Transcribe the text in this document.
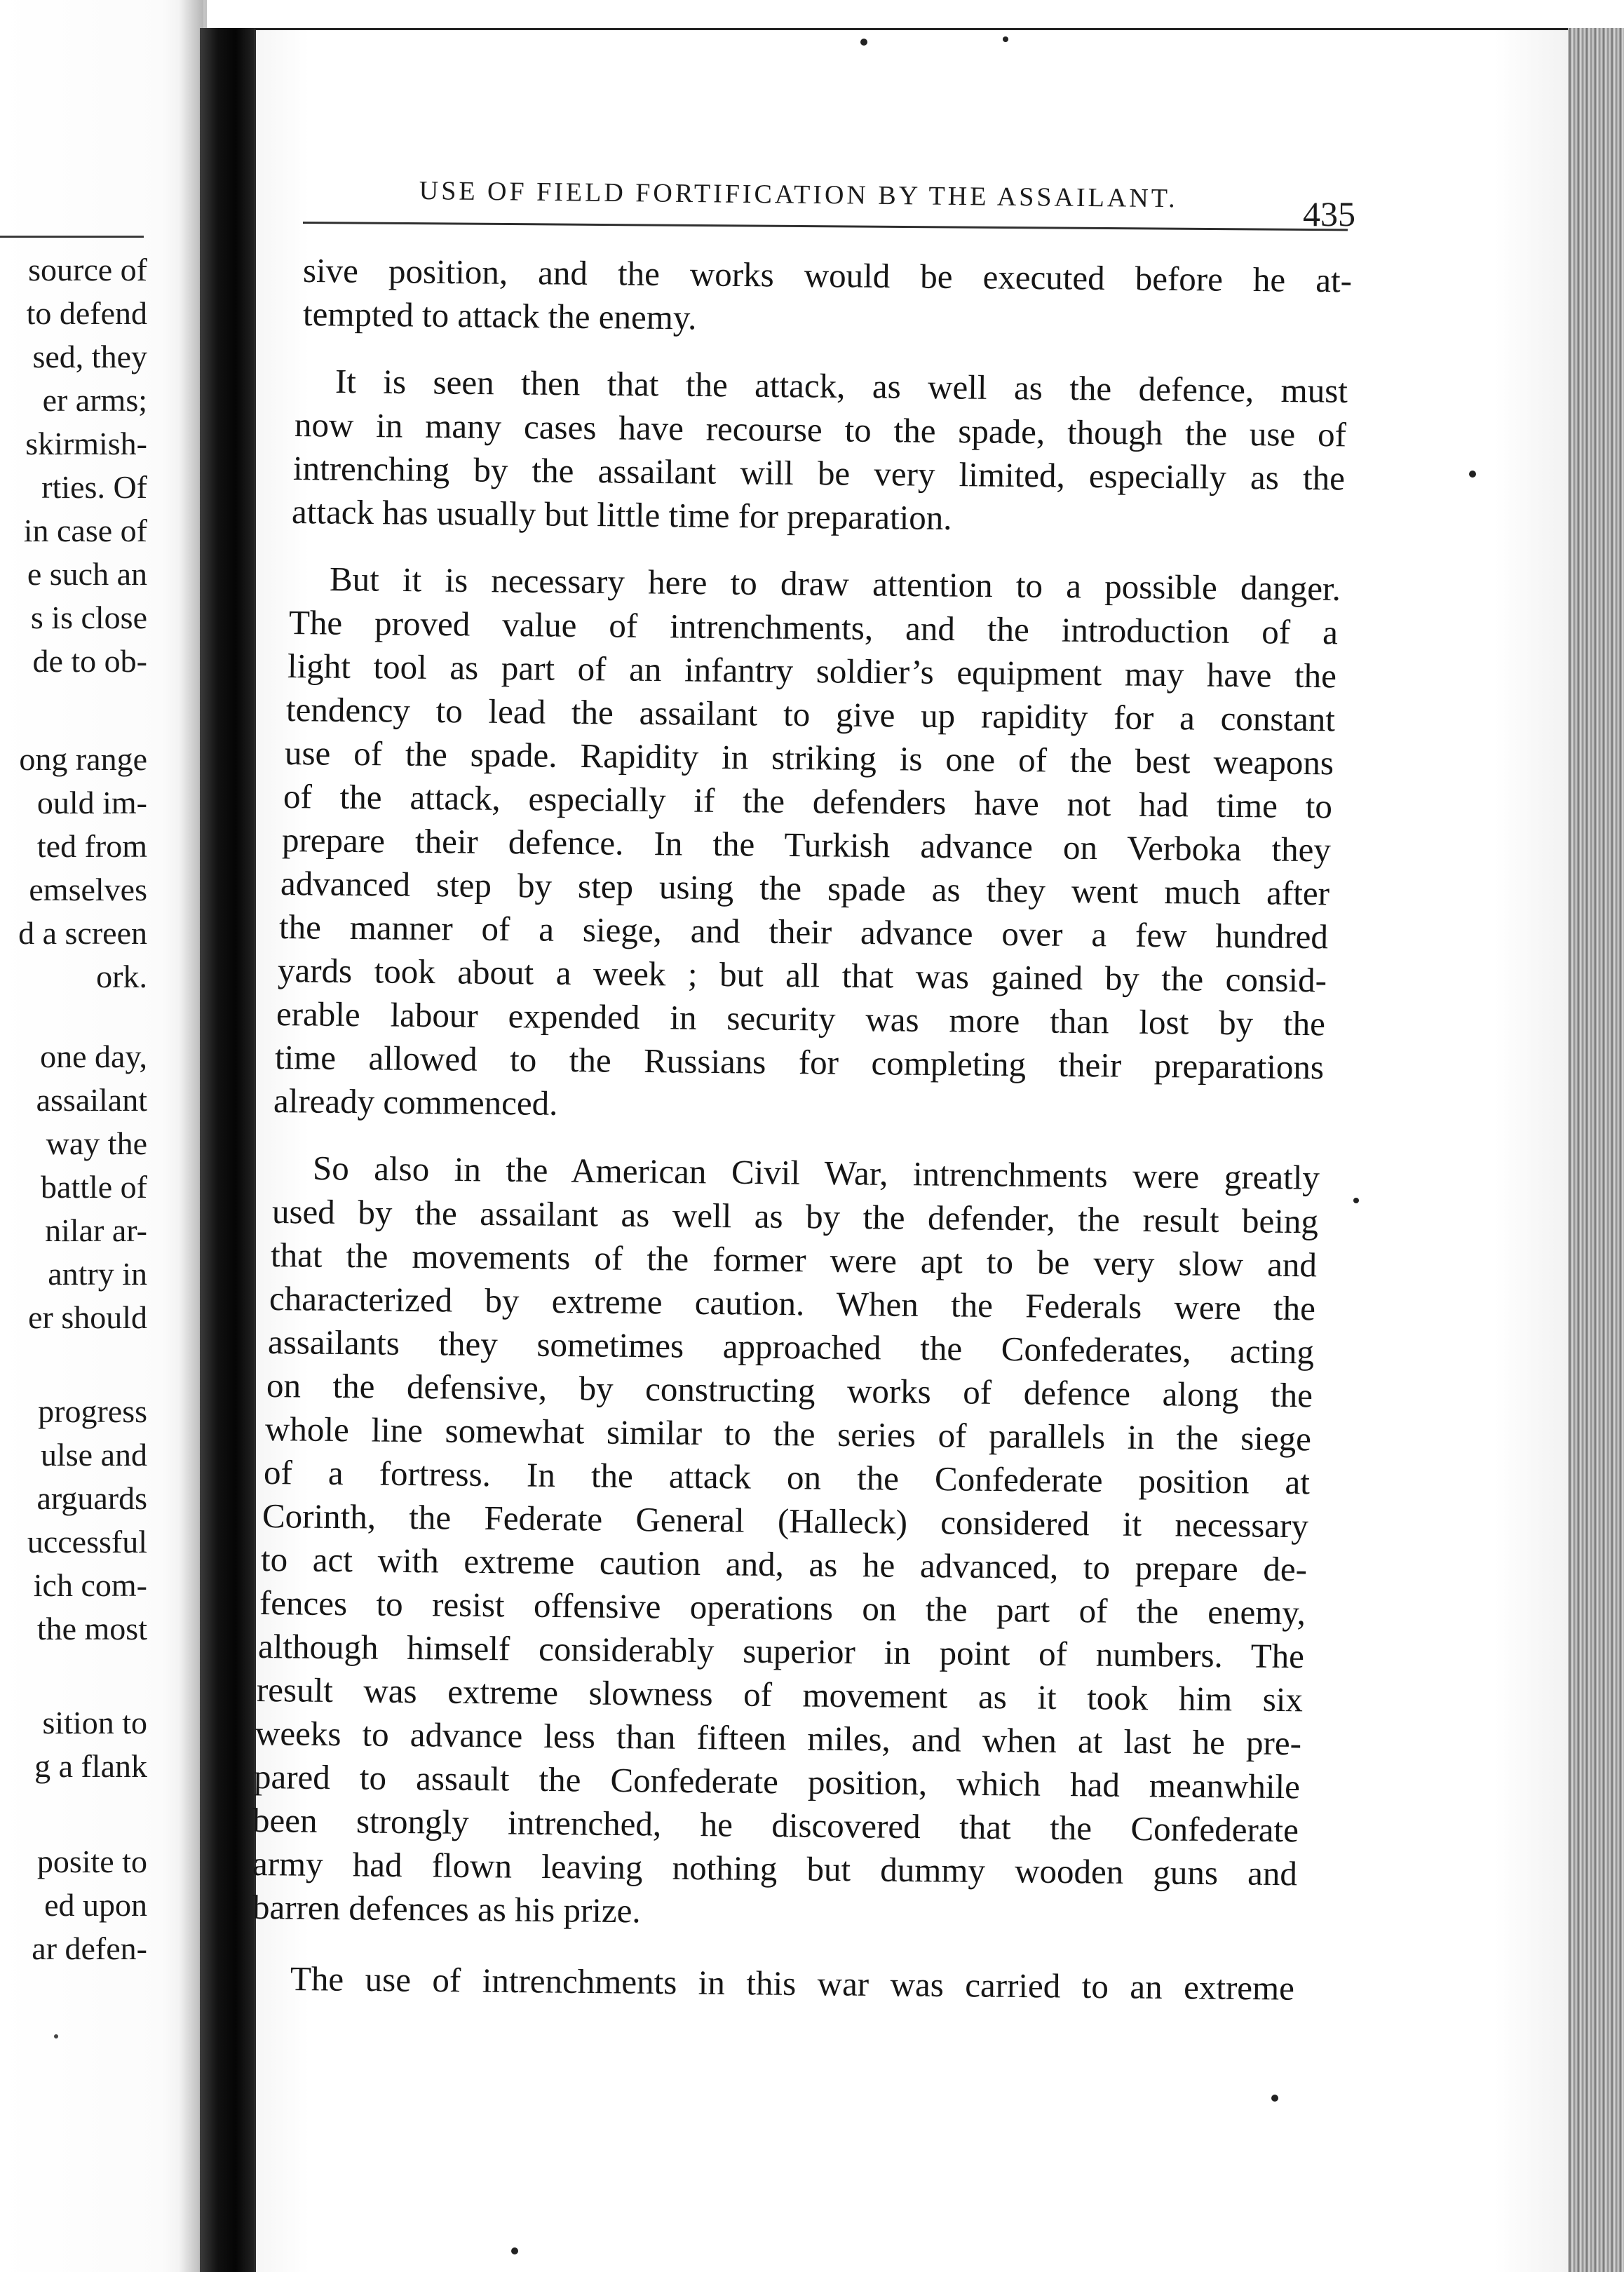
source of
to defend
sed, they
er arms;
skirmish-
rties. Of
in case of
e such an
s is close
de to ob-
ong range
ould im-
ted from
emselves
d a screen
ork.
one day,
assailant
way the
battle of
nilar ar-
antry in
er should
progress
ulse and
arguards
uccessful
ich com-
the most
sition to
g a flank
posite to
ed upon
ar defen-
USE OF FIELD FORTIFICATION BY THE ASSAILANT.	435
sive position, and the works would be executed before he at-
tempted to attack the enemy.
It is seen then that the attack, as well as the defence, must
now in many cases have recourse to the spade, though the use of
intrenching by the assailant will be very limited, especially as the
attack has usually but little time for preparation.
But it is necessary here to draw attention to a possible danger.
The proved value of intrenchments, and the introduction of a
light tool as part of an infantry soldier’s equipment may have the
tendency to lead the assailant to give up rapidity for a constant
use of the spade. Rapidity in striking is one of the best weapons
of the attack, especially if the defenders have not had time to
prepare their defence. In the Turkish advance on Verboka they
advanced step by step using the spade as they went much after
the manner of a siege, and their advance over a few hundred
yards took about a week ; but all that was gained by the consid-
erable labour expended in security was more than lost by the
time allowed to the Russians for completing their preparations
already commenced.
So also in the American Civil War, intrenchments were greatly
used by the assailant as well as by the defender, the result being
that the movements of the former were apt to be very slow and
characterized by extreme caution. When the Federals were the
assailants they sometimes approached the Confederates, acting
on the defensive, by constructing works of defence along the
whole line somewhat similar to the series of parallels in the siege
of a fortress. In the attack on the Confederate position at
Corinth, the Federate General (Halleck) considered it necessary
to act with extreme caution and, as he advanced, to prepare de-
fences to resist offensive operations on the part of the enemy,
although himself considerably superior in point of numbers. The
result was extreme slowness of movement as it took him six
weeks to advance less than fifteen miles, and when at last he pre-
pared to assault the Confederate position, which had meanwhile
been strongly intrenched, he discovered that the Confederate
army had flown leaving nothing but dummy wooden guns and
barren defences as his prize.
The use of intrenchments in this war was carried to an extreme
